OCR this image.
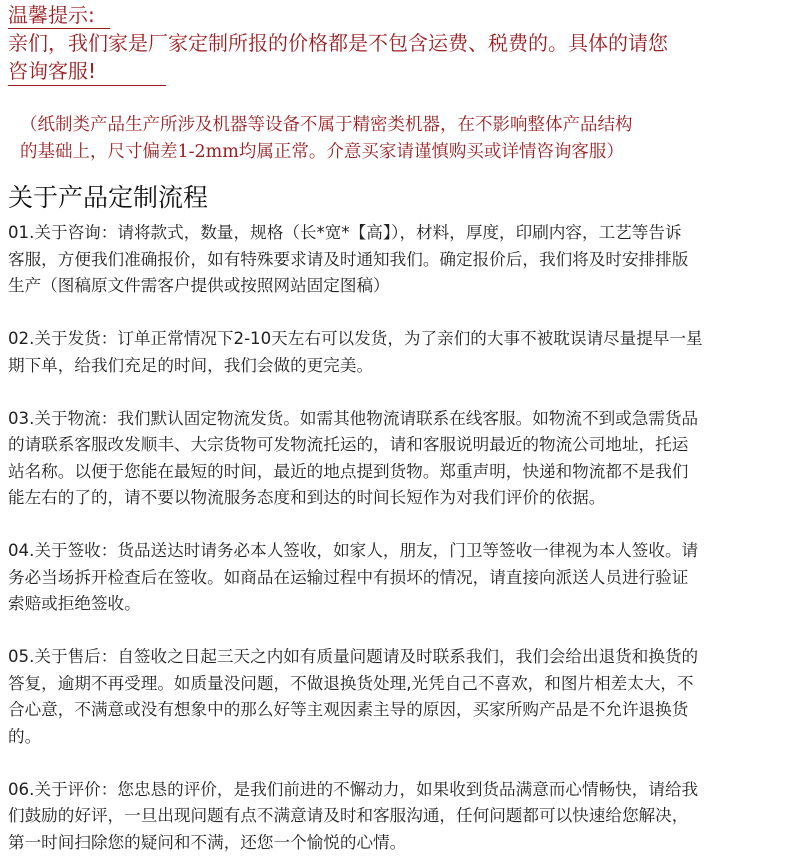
温馨提示:

亲们，我们家是厂家定制所报的价格都是不包含运费、税费的。具体的请您

咨询客服!

（纸制类产品生产所涉及机器等设备不属于精密类机器，在不影响整体产品结构
的基础上，尺寸偏差1-2mm均属正常。介意买家请谨慎购买或详情咨询客服）
关于产品定制流程
01.关于咨询：请将款式，数量，规格（长*宽*【高】），材料，厚度，印刷内容，工艺等告诉
客服，方便我们准确报价，如有特殊要求请及时通知我们。确定报价后，我们将及时安排排版
生产（图稿原文件需客户提供或按照网站固定图稿）
02.关于发货：订单正常情况下2-10天左右可以发货，为了亲们的大事不被耽误请尽量提早一星
期下单，给我们充足的时间，我们会做的更完美。
03.关于物流：我们默认固定物流发货。如需其他物流请联系在线客服。如物流不到或急需货品
的请联系客服改发顺丰、大宗货物可发物流托运的，请和客服说明最近的物流公司地址，托运
站名称。以便于您能在最短的时间，最近的地点提到货物。郑重声明，快递和物流都不是我们
能左右的了的，请不要以物流服务态度和到达的时间长短作为对我们评价的依据。
04.关于签收：货品送达时请务必本人签收，如家人，朋友，门卫等签收一律视为本人签收。请
务必当场拆开检查后在签收。如商品在运输过程中有损坏的情况，请直接向派送人员进行验证
索赔或拒绝签收。
05.关于售后：自签收之日起三天之内如有质量问题请及时联系我们，我们会给出退货和换货的
答复，逾期不再受理。如质量没问题，不做退换货处理,光凭自己不喜欢，和图片相差太大，不
合心意，不满意或没有想象中的那么好等主观因素主导的原因，买家所购产品是不允许退换货
的。
06.关于评价：您忠恳的评价，是我们前进的不懈动力，如果收到货品满意而心情畅快，请给我
们鼓励的好评，一旦出现问题有点不满意请及时和客服沟通，任何问题都可以快速给您解决，
第一时间扫除您的疑问和不满，还您一个愉悦的心情。
